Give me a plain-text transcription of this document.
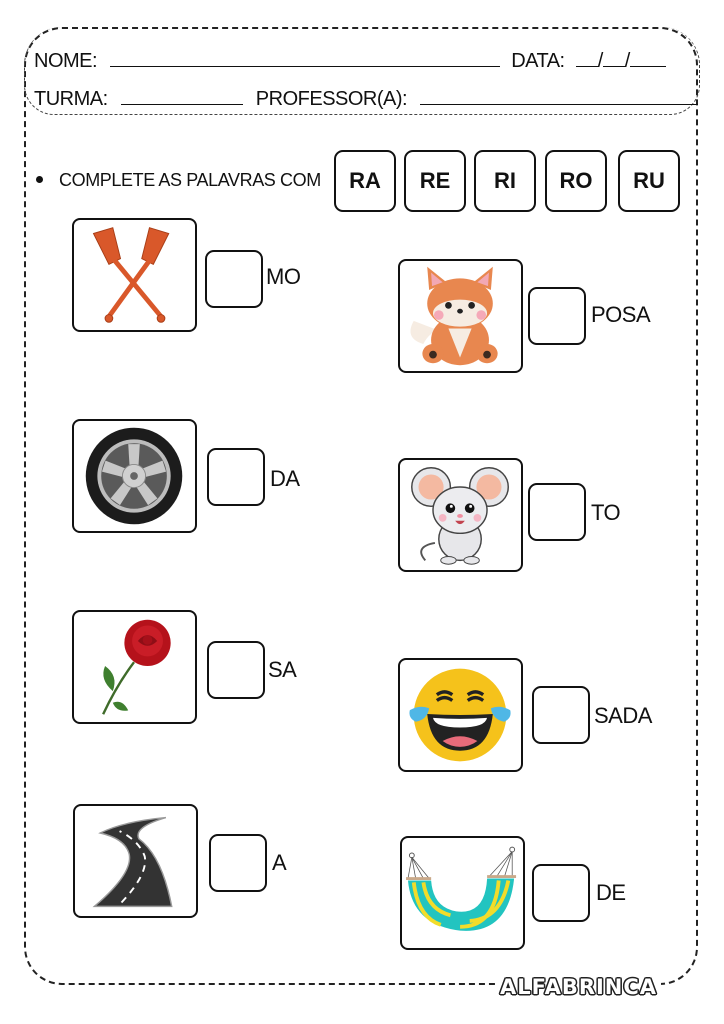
NOME:	DATA: / /
TURMA:	PROFESSOR(A):
COMPLETE AS PALAVRAS COM	RA	RE	RI	RO	RU
MO
POSA
DA
TO
SA
SADA
A
DE
ALFABRINCA
